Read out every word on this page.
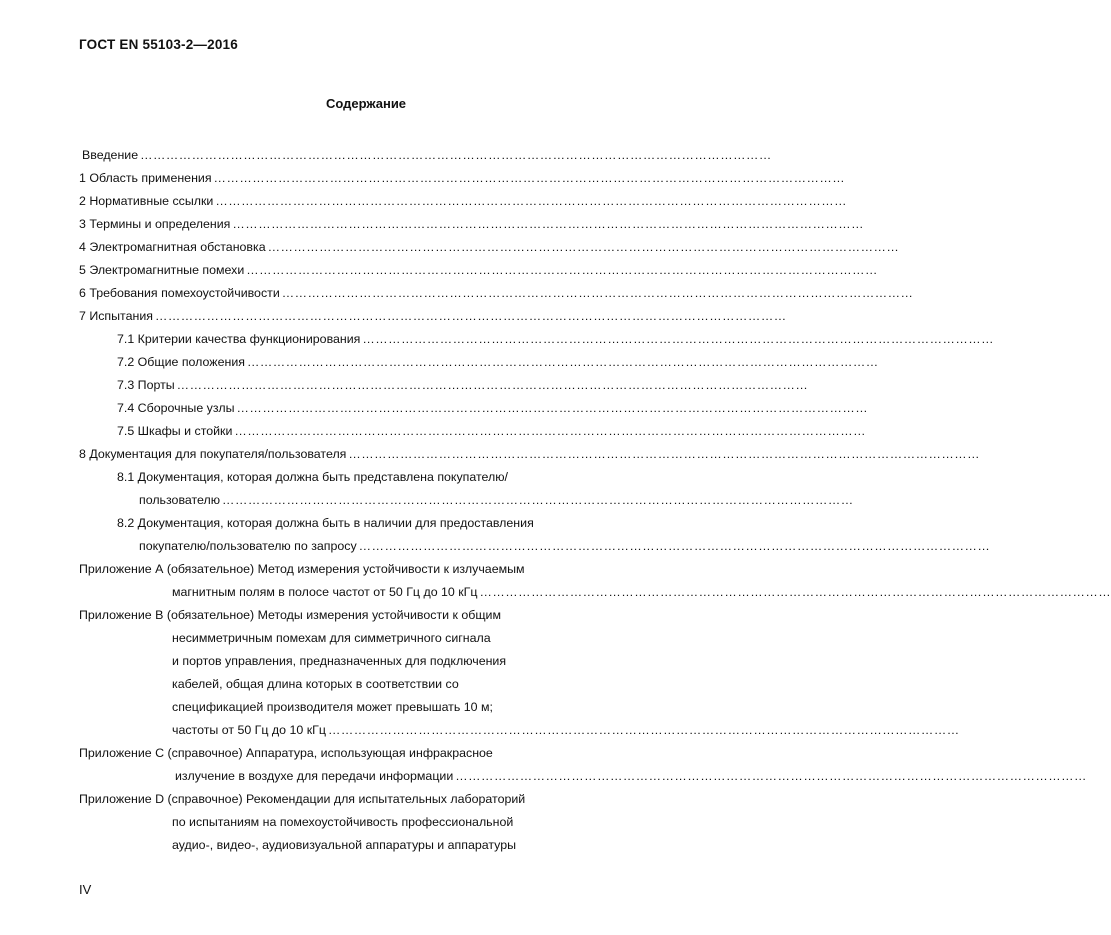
ГОСТ EN 55103-2—2016
Содержание
Введение …………………………………………………………………………………………………………………………………
1 Область применения …………………………………………………………………………………………………………………………………
2 Нормативные ссылки …………………………………………………………………………………………………………………………………
3 Термины и определения …………………………………………………………………………………………………………………………………
4 Электромагнитная обстановка …………………………………………………………………………………………………………………………………
5 Электромагнитные помехи …………………………………………………………………………………………………………………………………
6 Требования помехоустойчивости …………………………………………………………………………………………………………………………………
7 Испытания …………………………………………………………………………………………………………………………………
7.1 Критерии качества функционирования …………………………………………………………………………………………………………………………………
7.2 Общие положения …………………………………………………………………………………………………………………………………
7.3 Порты …………………………………………………………………………………………………………………………………
7.4 Сборочные узлы …………………………………………………………………………………………………………………………………
7.5 Шкафы и стойки …………………………………………………………………………………………………………………………………
8 Документация для покупателя/пользователя …………………………………………………………………………………………………………………………………
8.1 Документация, которая должна быть представлена покупателю/
пользователю …………………………………………………………………………………………………………………………………
8.2 Документация, которая должна быть в наличии для предоставления
покупателю/пользователю по запросу …………………………………………………………………………………………………………………………………
Приложение А (обязательное) Метод измерения устойчивости к излучаемым
магнитным полям в полосе частот от 50 Гц до 10 кГц …………………………………………………………………………………………………………………………………
Приложение В (обязательное) Методы измерения устойчивости к общим
несимметричным помехам для симметричного сигнала
и портов управления, предназначенных для подключения
кабелей, общая длина которых в соответствии со
спецификацией производителя может превышать 10 м;
частоты от 50 Гц до 10 кГц …………………………………………………………………………………………………………………………………
Приложение С (справочное) Аппаратура, использующая инфракрасное
излучение в воздухе для передачи информации …………………………………………………………………………………………………………………………………
Приложение D (справочное) Рекомендации для испытательных лабораторий
по испытаниям на помехоустойчивость профессиональной
аудио-, видео-, аудиовизуальной аппаратуры и аппаратуры
IV
